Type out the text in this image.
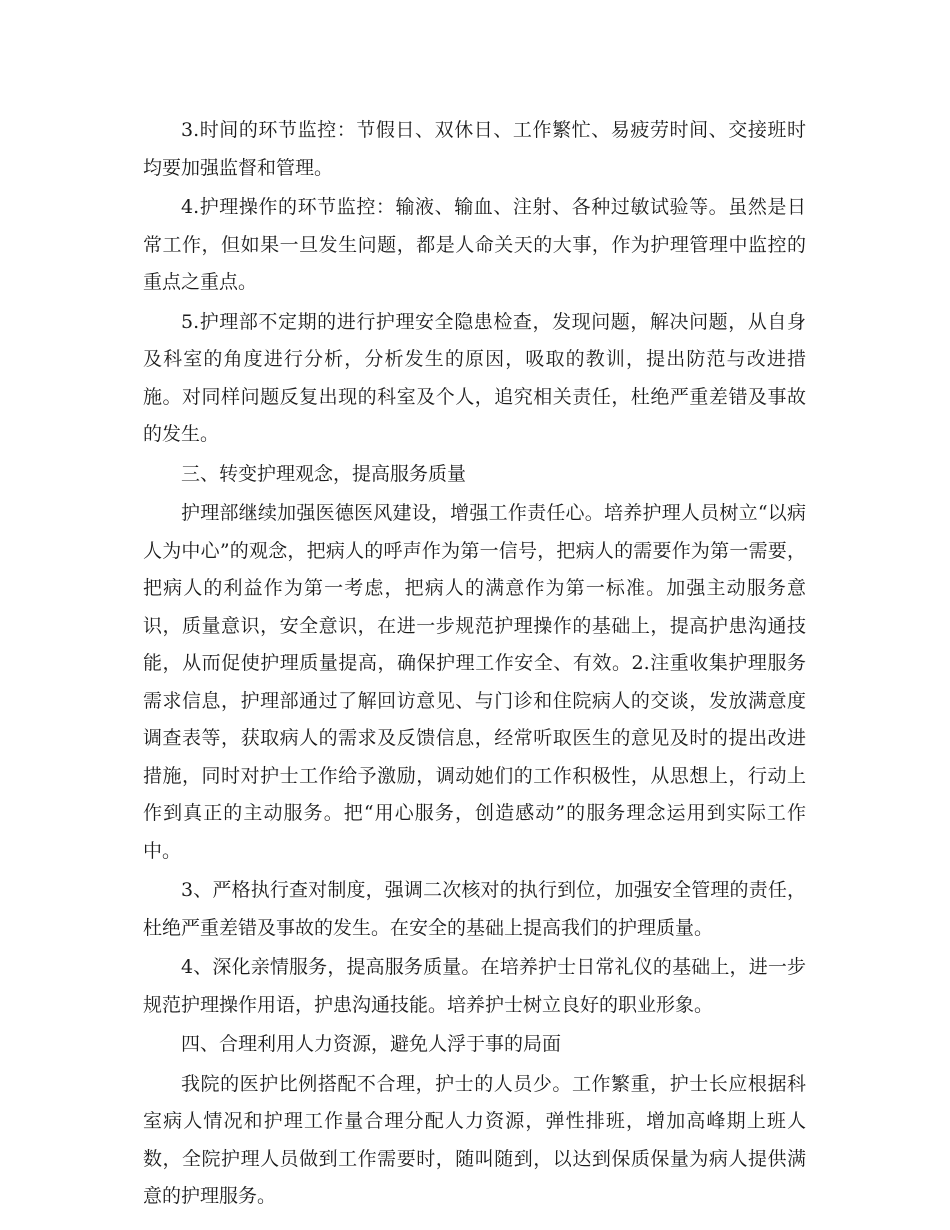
3.时间的环节监控：节假日、双休日、工作繁忙、易疲劳时间、交接班时均要加强监督和管理。

4.护理操作的环节监控：输液、输血、注射、各种过敏试验等。虽然是日常工作，但如果一旦发生问题，都是人命关天的大事，作为护理管理中监控的重点之重点。

5.护理部不定期的进行护理安全隐患检查，发现问题，解决问题，从自身及科室的角度进行分析，分析发生的原因，吸取的教训，提出防范与改进措施。对同样问题反复出现的科室及个人，追究相关责任，杜绝严重差错及事故的发生。

三、转变护理观念，提高服务质量

护理部继续加强医德医风建设，增强工作责任心。培养护理人员树立“以病人为中心”的观念，把病人的呼声作为第一信号，把病人的需要作为第一需要，把病人的利益作为第一考虑，把病人的满意作为第一标准。加强主动服务意识，质量意识，安全意识，在进一步规范护理操作的基础上，提高护患沟通技能，从而促使护理质量提高，确保护理工作安全、有效。2.注重收集护理服务需求信息，护理部通过了解回访意见、与门诊和住院病人的交谈，发放满意度调查表等，获取病人的需求及反馈信息，经常听取医生的意见及时的提出改进措施，同时对护士工作给予激励，调动她们的工作积极性，从思想上，行动上作到真正的主动服务。把“用心服务，创造感动”的服务理念运用到实际工作中。

3、严格执行查对制度，强调二次核对的执行到位，加强安全管理的责任，杜绝严重差错及事故的发生。在安全的基础上提高我们的护理质量。

4、深化亲情服务，提高服务质量。在培养护士日常礼仪的基础上，进一步规范护理操作用语，护患沟通技能。培养护士树立良好的职业形象。

四、合理利用人力资源，避免人浮于事的局面

我院的医护比例搭配不合理，护士的人员少。工作繁重，护士长应根据科室病人情况和护理工作量合理分配人力资源，弹性排班，增加高峰期上班人数，全院护理人员做到工作需要时，随叫随到，以达到保质保量为病人提供满意的护理服务。
